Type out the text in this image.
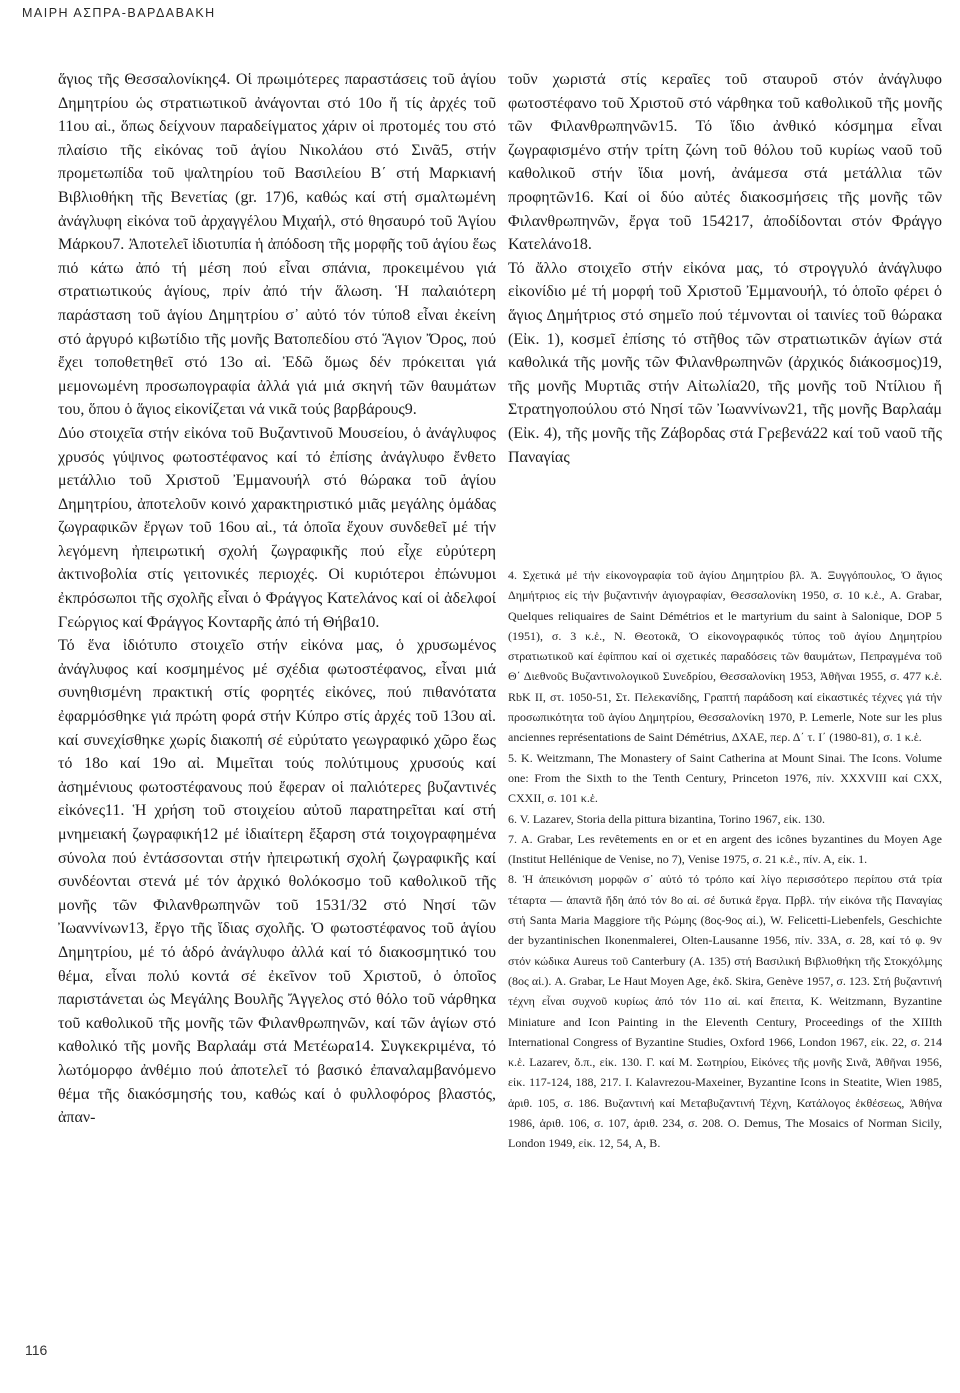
ΜΑΙΡΗ ΑΣΠΡΑ-ΒΑΡΔΑΒΑΚΗ

ἅγιος τῆς Θεσσαλονίκης4. Οἱ πρωιμότερες παραστάσεις τοῦ ἁγίου Δημητρίου ὡς στρατιωτικοῦ ἀνάγονται στό 10ο ἤ τίς ἀρχές τοῦ 11ου αἰ., ὅπως δείχνουν παραδείγματος χάριν οἱ προτομές του στό πλαίσιο τῆς εἰκόνας τοῦ ἁγίου Νικολάου στό Σινᾶ5, στήν προμετωπίδα τοῦ ψαλτηρίου τοῦ Βασιλείου Β΄ στή Μαρκιανή Βιβλιοθήκη τῆς Βενετίας (gr. 17)6, καθώς καί στή σμαλτωμένη ἀνάγλυφη εἰκόνα τοῦ ἀρχαγγέλου Μιχαήλ, στό θησαυρό τοῦ Ἁγίου Μάρκου7. Ἀποτελεῖ ἰδιοτυπία ἡ ἀπόδοση τῆς μορφῆς τοῦ ἁγίου ἕως πιό κάτω ἀπό τή μέση πού εἶναι σπάνια, προκειμένου γιά στρατιωτικούς ἁγίους, πρίν ἀπό τήν ἅλωση. Ἡ παλαιότερη παράσταση τοῦ ἁγίου Δημητρίου σ᾽ αὐτό τόν τύπο8 εἶναι ἐκείνη στό ἀργυρό κιβωτίδιο τῆς μονῆς Βατοπεδίου στό Ἅγιον Ὄρος, πού ἔχει τοποθετηθεῖ στό 13ο αἰ. Ἐδῶ ὅμως δέν πρόκειται γιά μεμονωμένη προσωπογραφία ἀλλά γιά μιά σκηνή τῶν θαυμάτων του, ὅπου ὁ ἅγιος εἰκονίζεται νά νικᾶ τούς βαρβάρους9.

Δύο στοιχεῖα στήν εἰκόνα τοῦ Βυζαντινοῦ Μουσείου, ὁ ἀνάγλυφος χρυσός γύψινος φωτοστέφανος καί τό ἐπίσης ἀνάγλυφο ἔνθετο μετάλλιο τοῦ Χριστοῦ Ἐμμανουήλ στό θώρακα τοῦ ἁγίου Δημητρίου, ἀποτελοῦν κοινό χαρακτηριστικό μιᾶς μεγάλης ὁμάδας ζωγραφικῶν ἔργων τοῦ 16ου αἰ., τά ὁποῖα ἔχουν συνδεθεῖ μέ τήν λεγόμενη ἠπειρωτική σχολή ζωγραφικῆς πού εἶχε εὐρύτερη ἀκτινοβολία στίς γειτονικές περιοχές. Οἱ κυριότεροι ἐπώνυμοι ἐκπρόσωποι τῆς σχολῆς εἶναι ὁ Φράγγος Κατελάνος καί οἱ ἀδελφοί Γεώργιος καί Φράγγος Κονταρῆς ἀπό τή Θήβα10.

Τό ἕνα ἰδιότυπο στοιχεῖο στήν εἰκόνα μας, ὁ χρυσωμένος ἀνάγλυφος καί κοσμημένος μέ σχέδια φωτοστέφανος, εἶναι μιά συνηθισμένη πρακτική στίς φορητές εἰκόνες, πού πιθανότατα ἐφαρμόσθηκε γιά πρώτη φορά στήν Κύπρο στίς ἀρχές τοῦ 13ου αἰ. καί συνεχίσθηκε χωρίς διακοπή σέ εὐρύτατο γεωγραφικό χῶρο ἕως τό 18ο καί 19ο αἰ. Μιμεῖται τούς πολύτιμους χρυσούς καί ἀσημένιους φωτοστέφανους πού ἔφεραν οἱ παλιότερες βυζαντινές εἰκόνες11. Ἡ χρήση τοῦ στοιχείου αὐτοῦ παρατηρεῖται καί στή μνημειακή ζωγραφική12 μέ ἰδιαίτερη ἔξαρση στά τοιχογραφημένα σύνολα πού ἐντάσσονται στήν ἠπειρωτική σχολή ζωγραφικῆς καί συνδέονται στενά μέ τόν ἀρχικό θολόκοσμο τοῦ καθολικοῦ τῆς μονῆς τῶν Φιλανθρωπηνῶν τοῦ 1531/32 στό Νησί τῶν Ἰωαννίνων13, ἔργο τῆς ἴδιας σχολῆς. Ὁ φωτοστέφανος τοῦ ἁγίου Δημητρίου, μέ τό ἁδρό ἀνάγλυφο ἀλλά καί τό διακοσμητικό του θέμα, εἶναι πολύ κοντά σέ ἐκεῖνον τοῦ Χριστοῦ, ὁ ὁποῖος παριστάνεται ὡς Μεγάλης Βουλῆς Ἄγγελος στό θόλο τοῦ νάρθηκα τοῦ καθολικοῦ τῆς μονῆς τῶν Φιλανθρωπηνῶν, καί τῶν ἁγίων στό καθολικό τῆς μονῆς Βαρλαάμ στά Μετέωρα14. Συγκεκριμένα, τό λωτόμορφο ἀνθέμιο πού ἀποτελεῖ τό βασικό ἐπαναλαμβανόμενο θέμα τῆς διακόσμησής του, καθώς καί ὁ φυλλοφόρος βλαστός, ἀπαν-

τοῦν χωριστά στίς κεραῖες τοῦ σταυροῦ στόν ἀνάγλυφο φωτοστέφανο τοῦ Χριστοῦ στό νάρθηκα τοῦ καθολικοῦ τῆς μονῆς τῶν Φιλανθρωπηνῶν15. Τό ἴδιο ἀνθικό κόσμημα εἶναι ζωγραφισμένο στήν τρίτη ζώνη τοῦ θόλου τοῦ κυρίως ναοῦ τοῦ καθολικοῦ στήν ἴδια μονή, ἀνάμεσα στά μετάλλια τῶν προφητῶν16. Καί οἱ δύο αὐτές διακοσμήσεις τῆς μονῆς τῶν Φιλανθρωπηνῶν, ἔργα τοῦ 154217, ἀποδίδονται στόν Φράγγο Κατελάνο18.

Τό ἄλλο στοιχεῖο στήν εἰκόνα μας, τό στρογγυλό ἀνάγλυφο εἰκονίδιο μέ τή μορφή τοῦ Χριστοῦ Ἐμμανουήλ, τό ὁποῖο φέρει ὁ ἅγιος Δημήτριος στό σημεῖο πού τέμνονται οἱ ταινίες τοῦ θώρακα (Εἰκ. 1), κοσμεῖ ἐπίσης τό στῆθος τῶν στρατιωτικῶν ἁγίων στά καθολικά τῆς μονῆς τῶν Φιλανθρωπηνῶν (ἀρχικός διάκοσμος)19, τῆς μονῆς Μυρτιᾶς στήν Αἰτωλία20, τῆς μονῆς τοῦ Ντίλιου ἤ Στρατηγοπούλου στό Νησί τῶν Ἰωαννίνων21, τῆς μονῆς Βαρλαάμ (Εἰκ. 4), τῆς μονῆς τῆς Ζάβορδας στά Γρεβενά22 καί τοῦ ναοῦ τῆς Παναγίας

4. Σχετικά μέ τήν εἰκονογραφία τοῦ ἁγίου Δημητρίου βλ. Ἀ. Ξυγγόπουλος, Ὁ ἅγιος Δημήτριος εἰς τήν βυζαντινήν ἁγιογραφίαν, Θεσσαλονίκη 1950, σ. 10 κ.ἑ., A. Grabar, Quelques reliquaires de Saint Démétrios et le martyrium du saint à Salonique, DOP 5 (1951), σ. 3 κ.ἑ., Ν. Θεοτοκᾶ, Ὁ εἰκονογραφικός τύπος τοῦ ἁγίου Δημητρίου στρατιωτικοῦ καί ἐφίππου καί οἱ σχετικές παραδόσεις τῶν θαυμάτων, Πεπραγμένα τοῦ Θ΄ Διεθνοῦς Βυζαντινολογικοῦ Συνεδρίου, Θεσσαλονίκη 1953, Ἀθῆναι 1955, σ. 477 κ.ἑ. RbK II, στ. 1050-51, Στ. Πελεκανίδης, Γραπτή παράδοση καί εἰκαστικές τέχνες γιά τήν προσωπικότητα τοῦ ἁγίου Δημητρίου, Θεσσαλονίκη 1970, P. Lemerle, Note sur les plus anciennes représentations de Saint Démétrius, ΔΧΑΕ, περ. Δ΄ τ. Ι΄ (1980-81), σ. 1 κ.ἑ.

5. K. Weitzmann, The Monastery of Saint Catherina at Mount Sinai. The Icons. Volume one: From the Sixth to the Tenth Century, Princeton 1976, πίν. XXXVIII καί CXX, CXXII, σ. 101 κ.ἑ.

6. V. Lazarev, Storia della pittura bizantina, Torino 1967, εἰκ. 130.

7. A. Grabar, Les revêtements en or et en argent des icônes byzantines du Moyen Age (Institut Hellénique de Venise, no 7), Venise 1975, σ. 21 κ.ἑ., πίν. Α, εἰκ. 1.

8. Ἡ ἀπεικόνιση μορφῶν σ᾽ αὐτό τό τρόπο καί λίγο περισσότερο περίπου στά τρία τέταρτα — ἀπαντᾶ ἤδη ἀπό τόν 8ο αἰ. σέ δυτικά ἔργα. Πρβλ. τήν εἰκόνα τῆς Παναγίας στή Santa Maria Maggiore τῆς Ρώμης (8ος-9ος αἰ.), W. Felicetti-Liebenfels, Geschichte der byzantinischen Ikonenmalerei, Olten-Lausanne 1956, πίν. 33Α, σ. 28, καί τό φ. 9v στόν κώδικα Aureus τοῦ Canterbury (A. 135) στή Βασιλική Βιβλιοθήκη τῆς Στοκχόλμης (8ος αἰ.). A. Grabar, Le Haut Moyen Age, ἐκδ. Skira, Genève 1957, σ. 123. Στή βυζαντινή τέχνη εἶναι συχνοῦ κυρίως ἀπό τόν 11ο αἰ. καί ἔπειτα, K. Weitzmann, Byzantine Miniature and Icon Painting in the Eleventh Century, Proceedings of the XIIIth International Congress of Byzantine Studies, Oxford 1966, London 1967, εἰκ. 22, σ. 214 κ.ἑ. Lazarev, ὅ.π., εἰκ. 130. Γ. καί Μ. Σωτηρίου, Εἰκόνες τῆς μονῆς Σινᾶ, Ἀθῆναι 1956, εἰκ. 117-124, 188, 217. I. Kalavrezou-Maxeiner, Byzantine Icons in Steatite, Wien 1985, ἀριθ. 105, σ. 186. Βυζαντινή καί Μεταβυζαντινή Τέχνη, Κατάλογος ἐκθέσεως, Ἀθήνα 1986, ἀριθ. 106, σ. 107, ἀριθ. 234, σ. 208. O. Demus, The Mosaics of Norman Sicily, London 1949, εἰκ. 12, 54, A, B.

116
